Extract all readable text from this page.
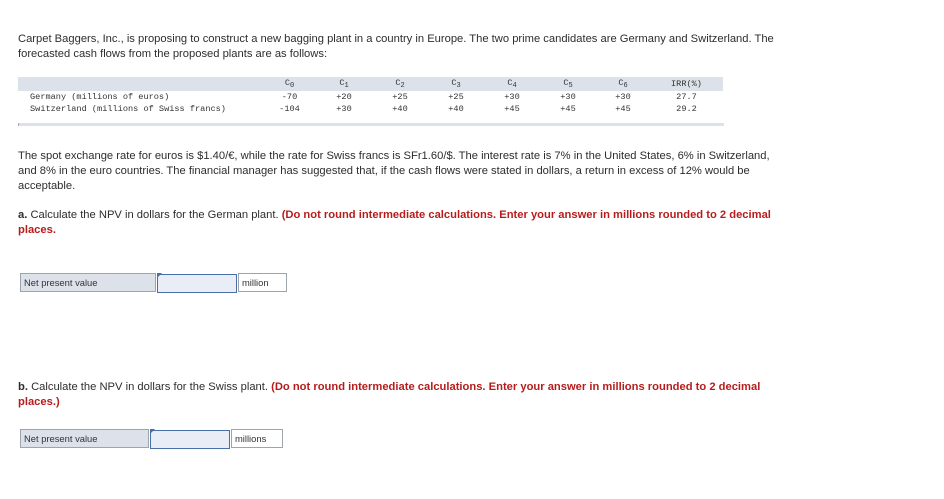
Carpet Baggers, Inc., is proposing to construct a new bagging plant in a country in Europe. The two prime candidates are Germany and Switzerland. The forecasted cash flows from the proposed plants are as follows:

	$C_0$	$C_1$	$C_2$	$C_3$	$C_4$	$C_5$	$C_6$	IRR(%)
Germany (millions of euros)	-70	+20	+25	+25	+30	+30	+30	27.7
Switzerland (millions of Swiss francs)	-104	+30	+40	+40	+45	+45	+45	29.2

The spot exchange rate for euros is $1.40/€, while the rate for Swiss francs is SFr1.60/$. The interest rate is 7% in the United States, 6% in Switzerland, and 8% in the euro countries. The financial manager has suggested that, if the cash flows were stated in dollars, a return in excess of 12% would be acceptable.

a. Calculate the NPV in dollars for the German plant. (Do not round intermediate calculations. Enter your answer in millions rounded to 2 decimal places.

Net present value	million

b. Calculate the NPV in dollars for the Swiss plant. (Do not round intermediate calculations. Enter your answer in millions rounded to 2 decimal places.)

Net present value	millions
